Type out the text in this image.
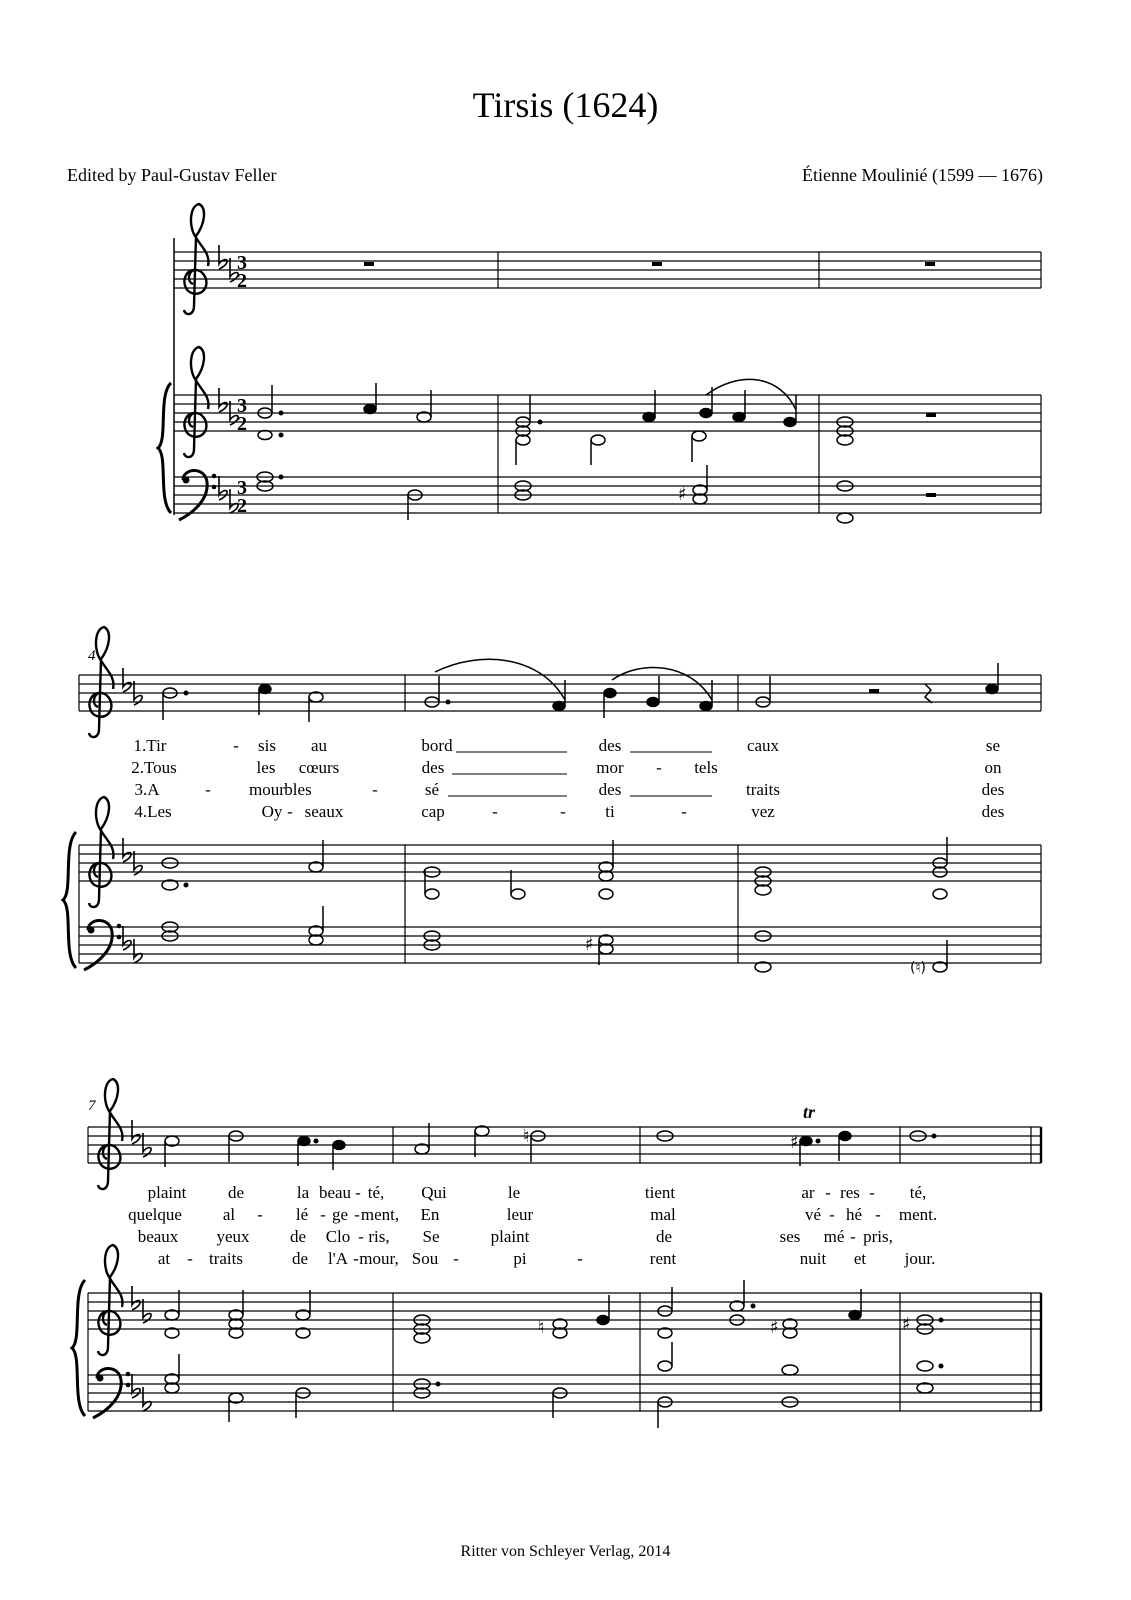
Tirsis (1624)
Edited by Paul-Gustav Feller	Étienne Moulinié (1599 — 1676)
Ritter von Schleyer Verlag, 2014
3
2
3
2
3
2
♯
4
1.Tir	- sis au	bord	des	caux	se
2.Tous	les cœurs	des	mor - tels	on
3.A	- mour bles	-	sé	des	traits	des
4.Les	Oy - seaux	cap	-	- ti	-	vez	des
♯
(♮)
7	tr
♮	♯
plaint de	la beau - té, Qui	le	tient	ar - res - té,
quelque al - lé - ge - ment, En	leur	mal	vé - hé - ment.
beaux yeux de Clo - ris, Se	plaint	de	ses mé - pris,
at - traits	de l'A - mour, Sou -	pi	-	rent	nuit et jour.
♮	♯	♯
